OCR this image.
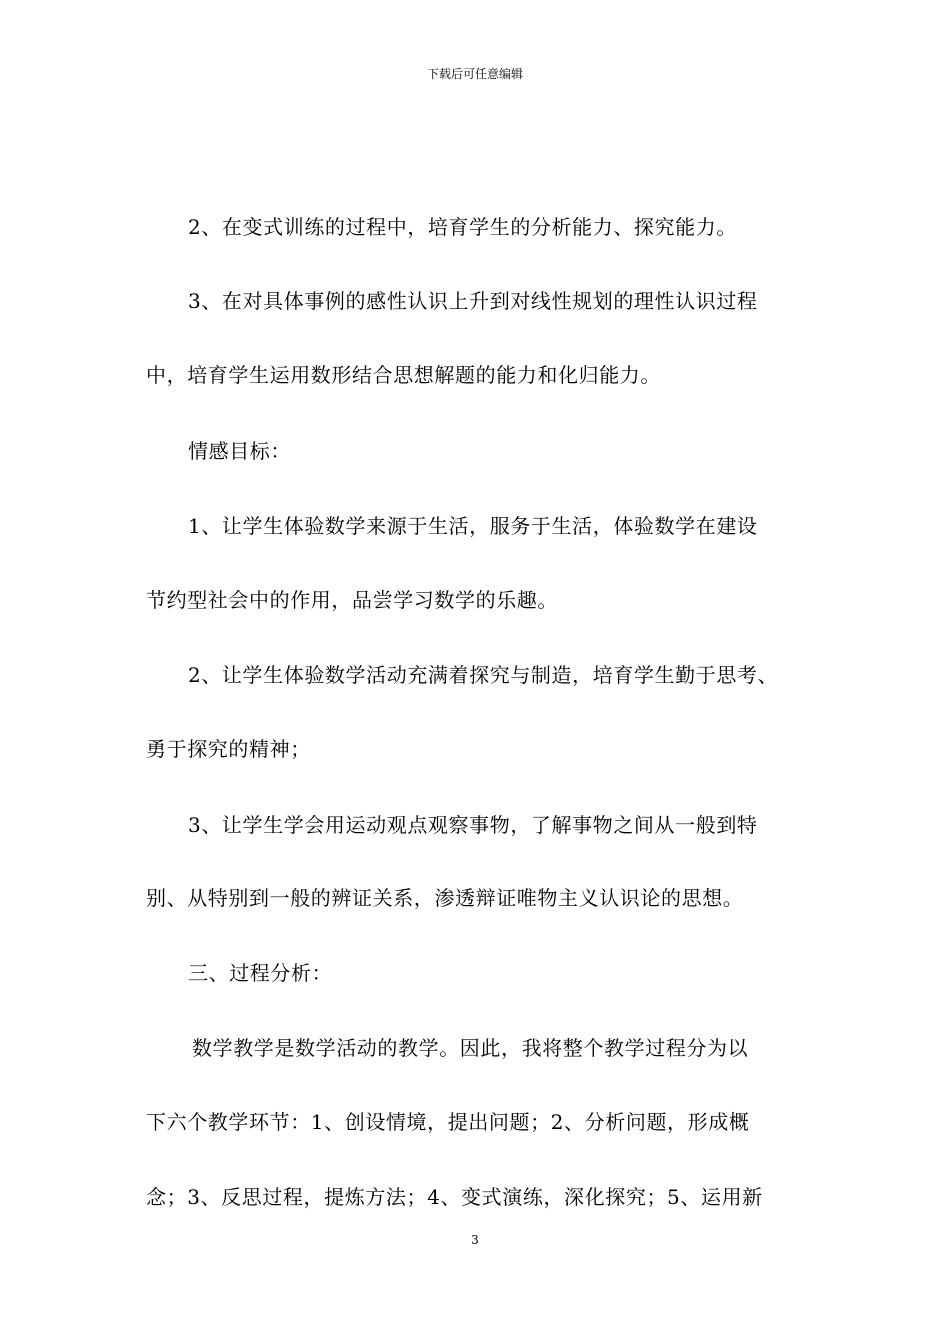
下载后可任意编辑
2、在变式训练的过程中，培育学生的分析能力、探究能力。
3、在对具体事例的感性认识上升到对线性规划的理性认识过程
中，培育学生运用数形结合思想解题的能力和化归能力。
情感目标：
1、让学生体验数学来源于生活，服务于生活，体验数学在建设
节约型社会中的作用，品尝学习数学的乐趣。
2、让学生体验数学活动充满着探究与制造，培育学生勤于思考、
勇于探究的精神；
3、让学生学会用运动观点观察事物，了解事物之间从一般到特
别、从特别到一般的辨证关系，渗透辩证唯物主义认识论的思想。
三、过程分析：
数学教学是数学活动的教学。因此，我将整个教学过程分为以
下六个教学环节：1、创设情境，提出问题；2、分析问题，形成概
念；3、反思过程，提炼方法；4、变式演练，深化探究；5、运用新
3
